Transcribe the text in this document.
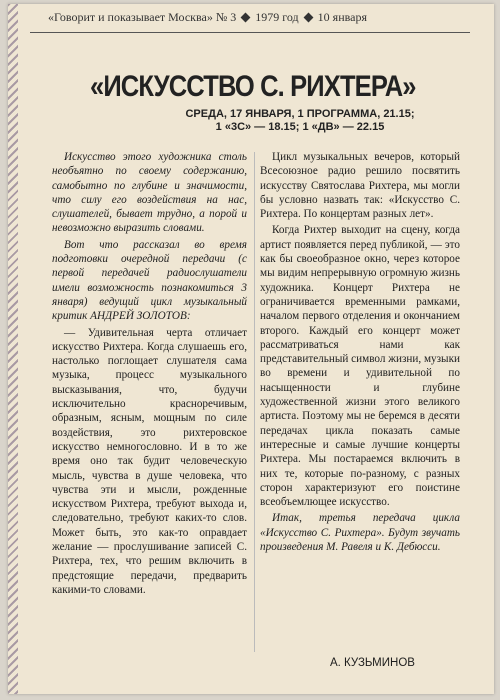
«Говорит и показывает Москва» № 3 1979 год 10 января
«ИСКУССТВО С. РИХТЕРА»
СРЕДА, 17 ЯНВАРЯ, 1 ПРОГРАММА, 21.15;
1 «3С» — 18.15; 1 «ДВ» — 22.15

Искусство этого художника столь необъятно по своему содержанию, самобытно по глубине и значимости, что силу его воздействия на нас, слушателей, бывает трудно, а порой и невозможно выразить словами.

Вот что рассказал во время подготовки очередной передачи (с первой передачей радиослушатели имели возможность познакомиться 3 января) ведущий цикл музыкальный критик АНДРЕЙ ЗОЛОТОВ:

— Удивительная черта отличает искусство Рихтера. Когда слушаешь его, настолько поглощает слушателя сама музыка, процесс музыкального высказывания, что, будучи исключительно красноречивым, образным, ясным, мощным по силе воздействия, это рихтеровское искусство немногословно. И в то же время оно так будит человеческую мысль, чувства в душе человека, что чувства эти и мысли, рожденные искусством Рихтера, требуют выхода и, следовательно, требуют каких-то слов. Может быть, это как-то оправдает желание — прослушивание записей С. Рихтера, тех, что решим включить в предстоящие передачи, предварить какими-то словами.

Цикл музыкальных вечеров, который Всесоюзное радио решило посвятить искусству Святослава Рихтера, мы могли бы условно назвать так: «Искусство С. Рихтера. По концертам разных лет».

Когда Рихтер выходит на сцену, когда артист появляется перед публикой, — это как бы своеобразное окно, через которое мы видим непрерывную огромную жизнь художника. Концерт Рихтера не ограничивается временными рамками, началом первого отделения и окончанием второго. Каждый его концерт может рассматриваться нами как представительный символ жизни, музыки во времени и удивительной по насыщенности и глубине художественной жизни этого великого артиста. Поэтому мы не беремся в десяти передачах цикла показать самые интересные и самые лучшие концерты Рихтера. Мы постараемся включить в них те, которые по-разному, с разных сторон характеризуют его поистине всеобъемлющее искусство.

Итак, третья передача цикла «Искусство С. Рихтера». Будут звучать произведения М. Равеля и К. Дебюсси.

А. КУЗЬМИНОВ
